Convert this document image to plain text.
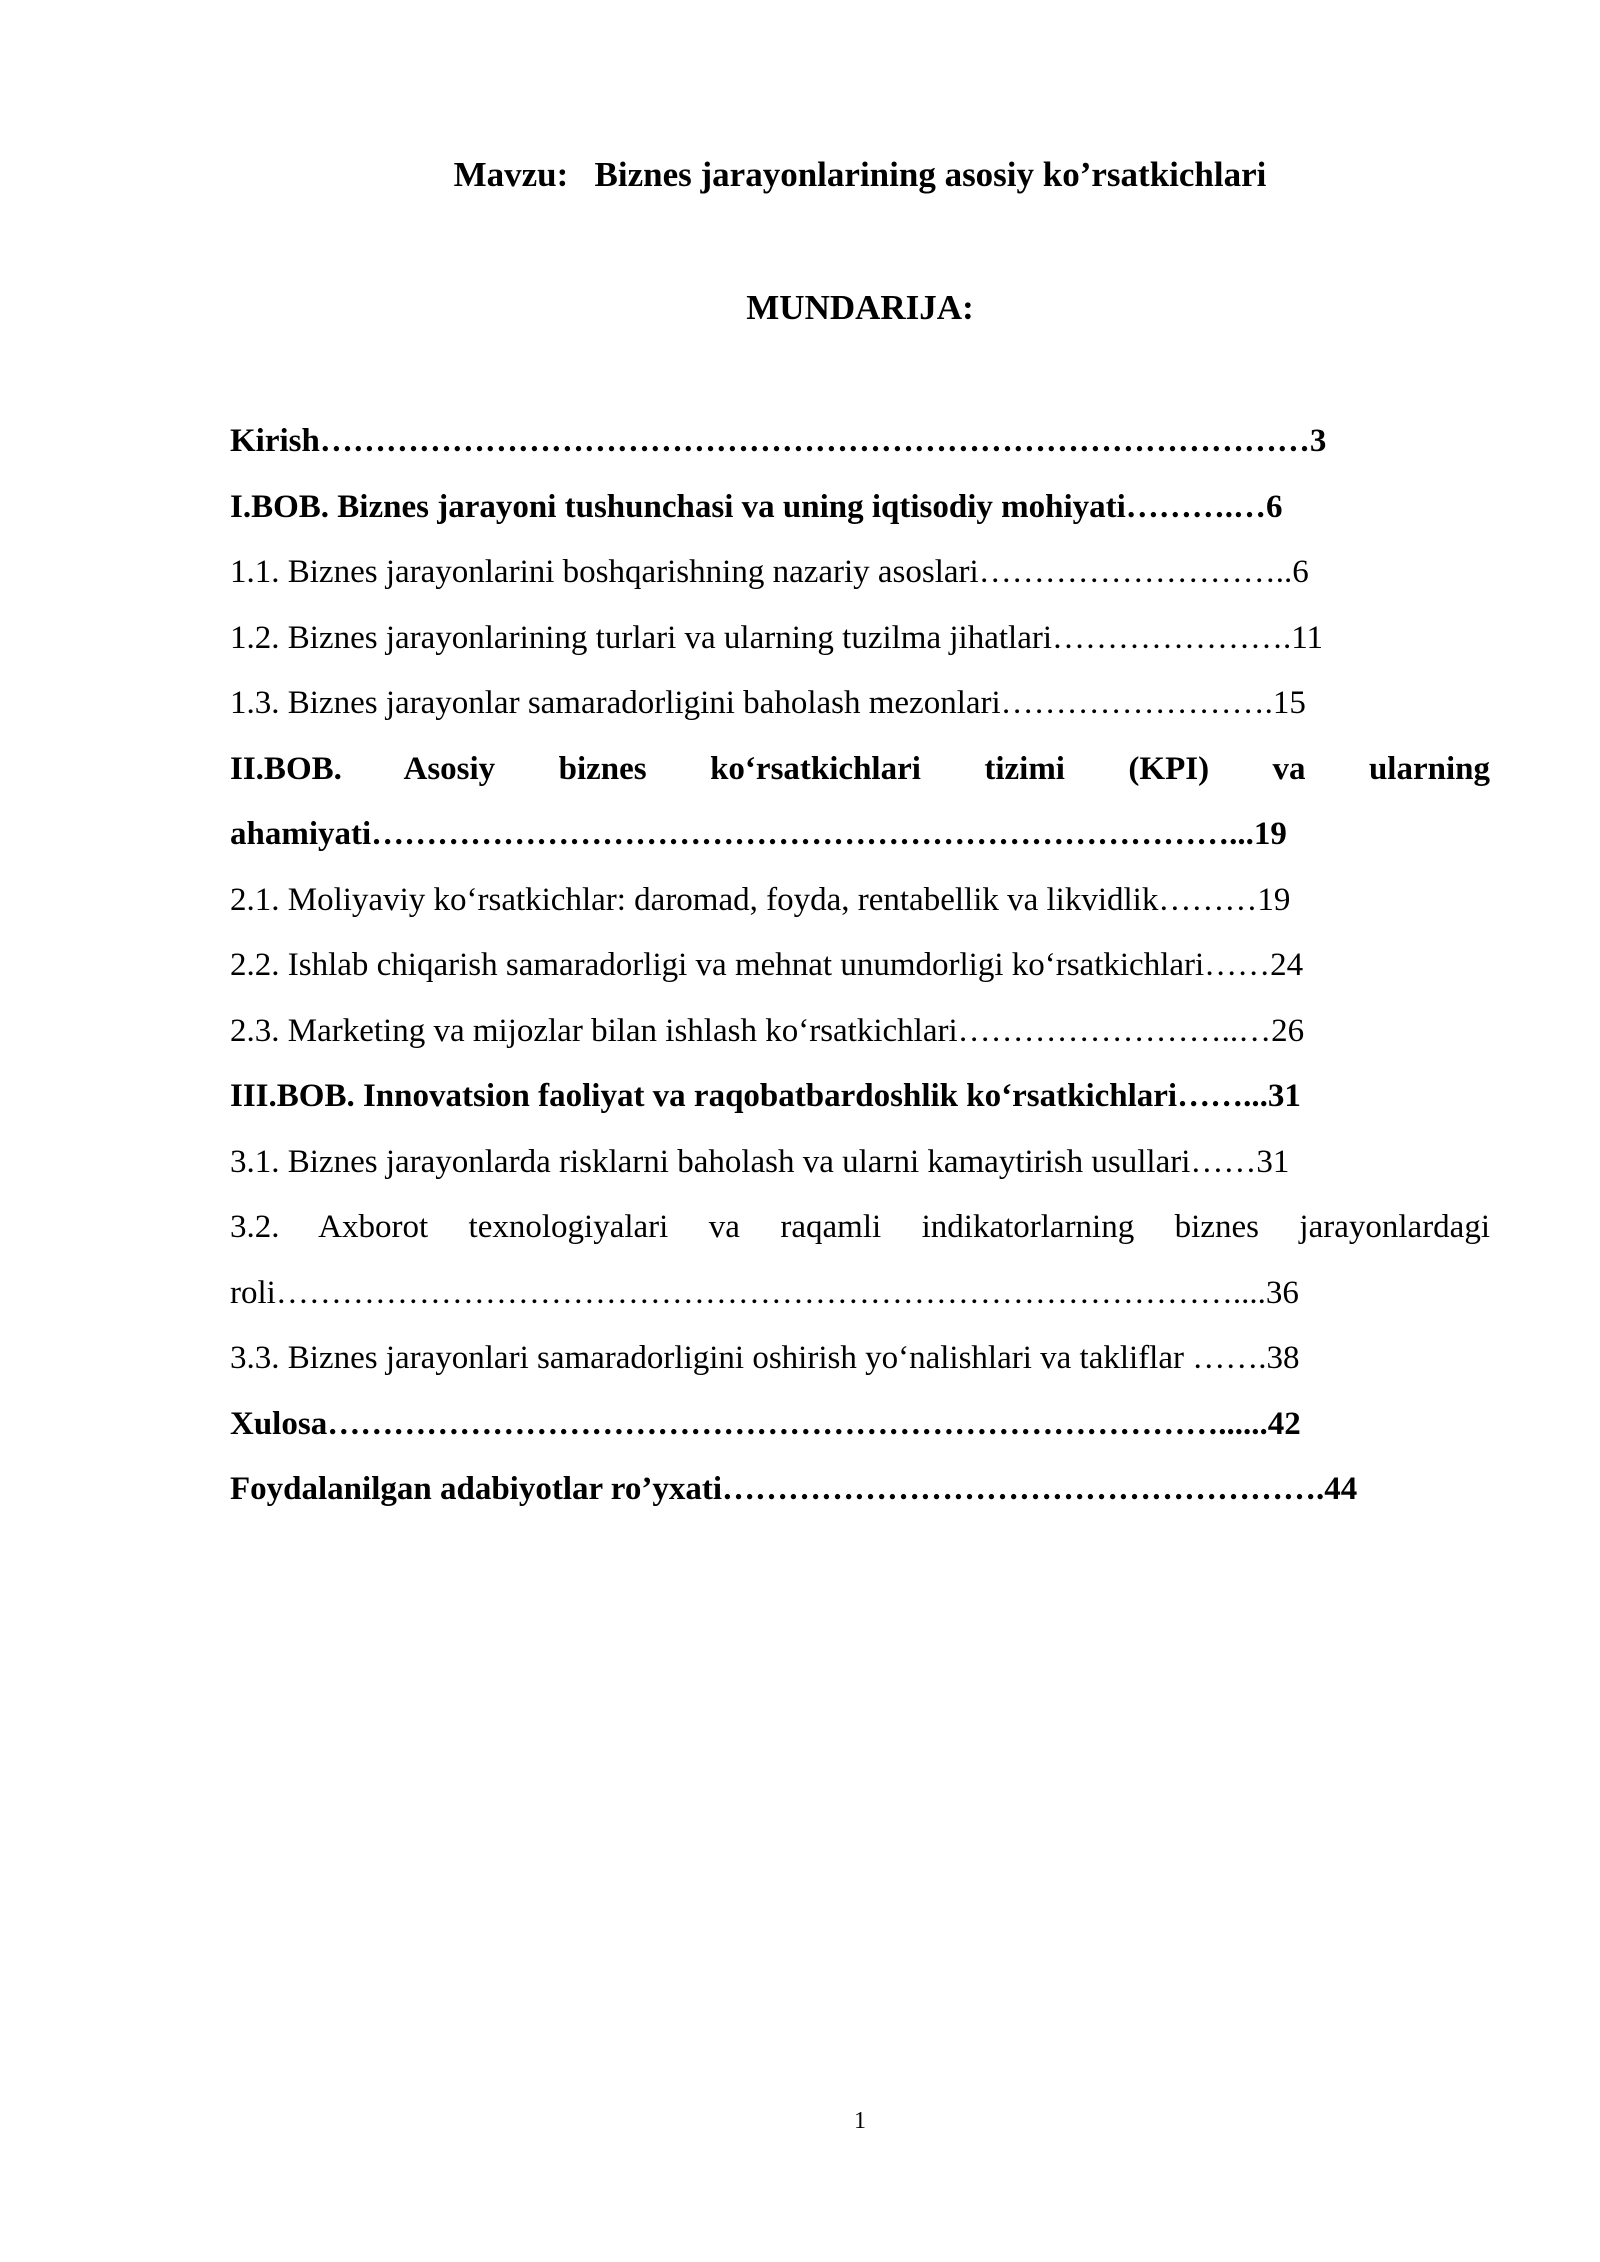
Mavzu:   Biznes jarayonlarining asosiy ko’rsatkichlari
MUNDARIJA:
Kirish………………………………………………………………………………3
I.BOB. Biznes jarayoni tushunchasi va uning iqtisodiy mohiyati……….…6
1.1. Biznes jarayonlarini boshqarishning nazariy asoslari………………………..6
1.2. Biznes jarayonlarining turlari va ularning tuzilma jihatlari………………….11
1.3. Biznes jarayonlar samaradorligini baholash mezonlari…………………….15
II.BOB. Asosiy biznes ko‘rsatkichlari tizimi (KPI) va ularning
ahamiyati……………………………………………………………………...19
2.1. Moliyaviy ko‘rsatkichlar: daromad, foyda, rentabellik va likvidlik………19
2.2. Ishlab chiqarish samaradorligi va mehnat unumdorligi ko‘rsatkichlari……24
2.3. Marketing va mijozlar bilan ishlash ko‘rsatkichlari……………………..…26
III.BOB. Innovatsion faoliyat va raqobatbardoshlik ko‘rsatkichlari……...31
3.1. Biznes jarayonlarda risklarni baholash va ularni kamaytirish usullari……31
3.2. Axborot texnologiyalari va raqamli indikatorlarning biznes jarayonlardagi
roli……………………………………………………………………………....36
3.3. Biznes jarayonlari samaradorligini oshirish yo‘nalishlari va takliflar …….38
Xulosa………………………………………………………………………......42
Foydalanilgan adabiyotlar ro’yxati……………………………………………….44
1
